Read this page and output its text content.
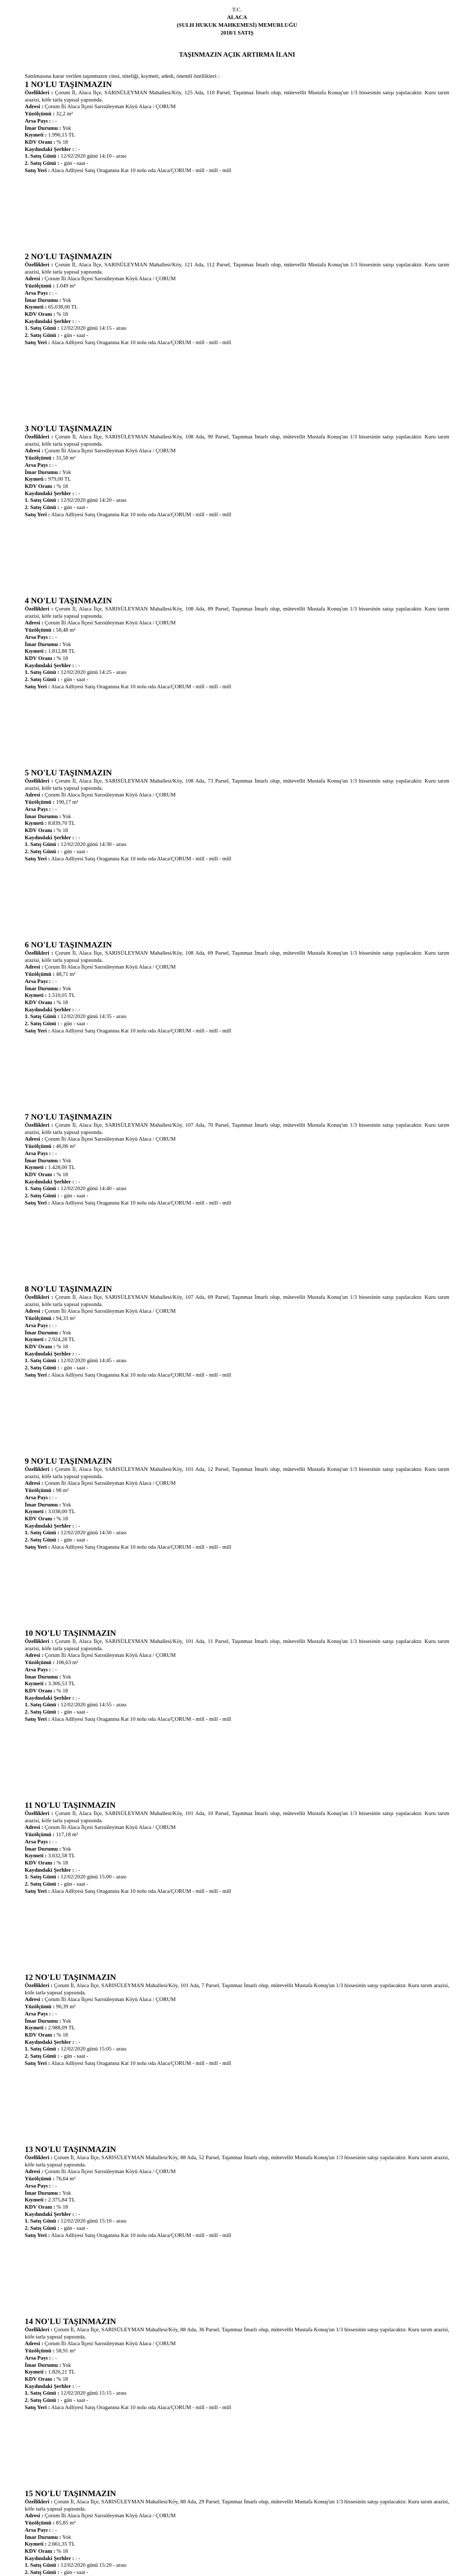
T.C.
ALACA
(SULH HUKUK MAHKEMESİ) MEMURLUĞU
2018/1 SATIŞ
TAŞINMAZIN AÇIK ARTIRMA İLANI

Satılmasına karar verilen taşınmazın cinsi, niteliği, kıymeti, adedi, önemli özellikleri :

1 NO'LU TAŞINMAZIN

Özellikleri : Çorum İl, Alaca İlçe, SARISÜLEYMAN Mahallesi/Köy, 125 Ada, 110 Parsel, Taşınmaz İmarlı olup, mütevellit Mustafa Konuş'un 1/3 hissesinin satışı yapılacaktır. Kuru tarım arazisi, köfe tarla yapısal yapısında.

Adresi : Çorum İli Alaca İlçesi Sarısüleyman Köyü Alaca / ÇORUM

Yüzölçümü : 32,2 m²

Arsa Payı : : -

İmar Durumu : Yok

Kıymeti : 1.996,15 TL

KDV Oranı : % 18

Kaydındaki Şerhler : : -

1. Satış Günü : 12/02/2020 günü 14:10 - arası

2. Satış Günü : - gün - saat -

Satış Yeri : Alaca Adliyesi Satış Oraganına Kat 10 nolu oda Alaca/ÇORUM - mill - mill - mill

2 NO'LU TAŞINMAZIN

Özellikleri : Çorum İl, Alaca İlçe, SARISÜLEYMAN Mahallesi/Köy, 121 Ada, 112 Parsel, Taşınmaz İmarlı olup, mütevellit Mustafa Konuş'un 1/3 hissesinin satışı yapılacaktır. Kuru tarım arazisi, köfe tarla yapısal yapısında.

Adresi : Çorum İli Alaca İlçesi Sarısüleyman Köyü Alaca / ÇORUM

Yüzölçümü : 1.049 m²

Arsa Payı : : -

İmar Durumu : Yok

Kıymeti : 65.038,00 TL

KDV Oranı : % 18

Kaydındaki Şerhler : : -

1. Satış Günü : 12/02/2020 günü 14:15 - arası

2. Satış Günü : - gün - saat -

Satış Yeri : Alaca Adliyesi Satış Oraganına Kat 10 nolu oda Alaca/ÇORUM - mill - mill - mill

3 NO'LU TAŞINMAZIN

Özellikleri : Çorum İl, Alaca İlçe, SARISÜLEYMAN Mahallesi/Köy, 108 Ada, 90 Parsel, Taşınmaz İmarlı olup, mütevellit Mustafa Konuş'un 1/3 hissesinin satışı yapılacaktır. Kuru tarım arazisi, köfe tarla yapısal yapısında.

Adresi : Çorum İli Alaca İlçesi Sarısüleyman Köyü Alaca / ÇORUM

Yüzölçümü : 31,58 m²

Arsa Payı : : -

İmar Durumu : Yok

Kıymeti : 979,00 TL

KDV Oranı : % 18

Kaydındaki Şerhler : : -

1. Satış Günü : 12/02/2020 günü 14:20 - arası

2. Satış Günü : - gün - saat -

Satış Yeri : Alaca Adliyesi Satış Oraganına Kat 10 nolu oda Alaca/ÇORUM - mill - mill - mill

4 NO'LU TAŞINMAZIN

Özellikleri : Çorum İl, Alaca İlçe, SARISÜLEYMAN Mahallesi/Köy, 108 Ada, 89 Parsel, Taşınmaz İmarlı olup, mütevellit Mustafa Konuş'un 1/3 hissesinin satışı yapılacaktır. Kuru tarım arazisi, köfe tarla yapısal yapısında.

Adresi : Çorum İli Alaca İlçesi Sarısüleyman Köyü Alaca / ÇORUM

Yüzölçümü : 58,48 m²

Arsa Payı : : -

İmar Durumu : Yok

Kıymeti : 1.812,88 TL

KDV Oranı : % 18

Kaydındaki Şerhler : : -

1. Satış Günü : 12/02/2020 günü 14:25 - arası

2. Satış Günü : - gün - saat -

Satış Yeri : Alaca Adliyesi Satış Oraganına Kat 10 nolu oda Alaca/ÇORUM - mill - mill - mill

5 NO'LU TAŞINMAZIN

Özellikleri : Çorum İl, Alaca İlçe, SARISÜLEYMAN Mahallesi/Köy, 108 Ada, 73 Parsel, Taşınmaz İmarlı olup, mütevellit Mustafa Konuş'un 1/3 hissesinin satışı yapılacaktır. Kuru tarım arazisi, köfe tarla yapısal yapısında.

Adresi : Çorum İli Alaca İlçesi Sarısüleyman Köyü Alaca / ÇORUM

Yüzölçümü : 190,17 m²

Arsa Payı : : -

İmar Durumu : Yok

Kıymeti : 8.839,70 TL

KDV Oranı : % 18

Kaydındaki Şerhler : : -

1. Satış Günü : 12/02/2020 günü 14:30 - arası

2. Satış Günü : - gün - saat -

Satış Yeri : Alaca Adliyesi Satış Oraganına Kat 10 nolu oda Alaca/ÇORUM - mill - mill - mill

6 NO'LU TAŞINMAZIN

Özellikleri : Çorum İl, Alaca İlçe, SARISÜLEYMAN Mahallesi/Köy, 108 Ada, 69 Parsel, Taşınmaz İmarlı olup, mütevellit Mustafa Konuş'un 1/3 hissesinin satışı yapılacaktır. Kuru tarım arazisi, köfe tarla yapısal yapısında.

Adresi : Çorum İli Alaca İlçesi Sarısüleyman Köyü Alaca / ÇORUM

Yüzölçümü : 48,71 m²

Arsa Payı : : -

İmar Durumu : Yok

Kıymeti : 1.510,05 TL

KDV Oranı : % 18

Kaydındaki Şerhler : : -

1. Satış Günü : 12/02/2020 günü 14:35 - arası

2. Satış Günü : - gün - saat -

Satış Yeri : Alaca Adliyesi Satış Oraganına Kat 10 nolu oda Alaca/ÇORUM - mill - mill - mill

7 NO'LU TAŞINMAZIN

Özellikleri : Çorum İl, Alaca İlçe, SARISÜLEYMAN Mahallesi/Köy, 107 Ada, 70 Parsel, Taşınmaz İmarlı olup, mütevellit Mustafa Konuş'un 1/3 hissesinin satışı yapılacaktır. Kuru tarım arazisi, köfe tarla yapısal yapısında.

Adresi : Çorum İli Alaca İlçesi Sarısüleyman Köyü Alaca / ÇORUM

Yüzölçümü : 46,06 m²

Arsa Payı : : -

İmar Durumu : Yok

Kıymeti : 1.428,00 TL

KDV Oranı : % 18

Kaydındaki Şerhler : : -

1. Satış Günü : 12/02/2020 günü 14:40 - arası

2. Satış Günü : - gün - saat -

Satış Yeri : Alaca Adliyesi Satış Oraganına Kat 10 nolu oda Alaca/ÇORUM - mill - mill - mill

8 NO'LU TAŞINMAZIN

Özellikleri : Çorum İl, Alaca İlçe, SARISÜLEYMAN Mahallesi/Köy, 107 Ada, 69 Parsel, Taşınmaz İmarlı olup, mütevellit Mustafa Konuş'un 1/3 hissesinin satışı yapılacaktır. Kuru tarım arazisi, köfe tarla yapısal yapısında.

Adresi : Çorum İli Alaca İlçesi Sarısüleyman Köyü Alaca / ÇORUM

Yüzölçümü : 94,33 m²

Arsa Payı : : -

İmar Durumu : Yok

Kıymeti : 2.924,28 TL

KDV Oranı : % 18

Kaydındaki Şerhler : : -

1. Satış Günü : 12/02/2020 günü 14:45 - arası

2. Satış Günü : - gün - saat -

Satış Yeri : Alaca Adliyesi Satış Oraganına Kat 10 nolu oda Alaca/ÇORUM - mill - mill - mill

9 NO'LU TAŞINMAZIN

Özellikleri : Çorum İl, Alaca İlçe, SARISÜLEYMAN Mahallesi/Köy, 101 Ada, 12 Parsel, Taşınmaz İmarlı olup, mütevellit Mustafa Konuş'un 1/3 hissesinin satışı yapılacaktır. Kuru tarım arazisi, köfe tarla yapısal yapısında.

Adresi : Çorum İli Alaca İlçesi Sarısüleyman Köyü Alaca / ÇORUM

Yüzölçümü : 98 m²

Arsa Payı : : -

İmar Durumu : Yok

Kıymeti : 3.038,00 TL

KDV Oranı : % 18

Kaydındaki Şerhler : : -

1. Satış Günü : 12/02/2020 günü 14:50 - arası

2. Satış Günü : - gün - saat -

Satış Yeri : Alaca Adliyesi Satış Oraganına Kat 10 nolu oda Alaca/ÇORUM - mill - mill - mill

10 NO'LU TAŞINMAZIN

Özellikleri : Çorum İl, Alaca İlçe, SARISÜLEYMAN Mahallesi/Köy, 101 Ada, 11 Parsel, Taşınmaz İmarlı olup, mütevellit Mustafa Konuş'un 1/3 hissesinin satışı yapılacaktır. Kuru tarım arazisi, köfe tarla yapısal yapısında.

Adresi : Çorum İli Alaca İlçesi Sarısüleyman Köyü Alaca / ÇORUM

Yüzölçümü : 106,63 m²

Arsa Payı : : -

İmar Durumu : Yok

Kıymeti : 3.306,53 TL

KDV Oranı : % 18

Kaydındaki Şerhler : : -

1. Satış Günü : 12/02/2020 günü 14:55 - arası

2. Satış Günü : - gün - saat -

Satış Yeri : Alaca Adliyesi Satış Oraganına Kat 10 nolu oda Alaca/ÇORUM - mill - mill - mill

11 NO'LU TAŞINMAZIN

Özellikleri : Çorum İl, Alaca İlçe, SARISÜLEYMAN Mahallesi/Köy, 101 Ada, 10 Parsel, Taşınmaz İmarlı olup, mütevellit Mustafa Konuş'un 1/3 hissesinin satışı yapılacaktır. Kuru tarım arazisi, köfe tarla yapısal yapısında.

Adresi : Çorum İli Alaca İlçesi Sarısüleyman Köyü Alaca / ÇORUM

Yüzölçümü : 117,18 m²

Arsa Payı : : -

İmar Durumu : Yok

Kıymeti : 3.632,58 TL

KDV Oranı : % 18

Kaydındaki Şerhler : : -

1. Satış Günü : 12/02/2020 günü 15:00 - arası

2. Satış Günü : - gün - saat -

Satış Yeri : Alaca Adliyesi Satış Oraganına Kat 10 nolu oda Alaca/ÇORUM - mill - mill - mill

12 NO'LU TAŞINMAZIN

Özellikleri : Çorum İl, Alaca İlçe, SARISÜLEYMAN Mahallesi/Köy, 101 Ada, 7 Parsel, Taşınmaz İmarlı olup, mütevellit Mustafa Konuş'un 1/3 hissesinin satışı yapılacaktır. Kuru tarım arazisi, köfe tarla yapısal yapısında.

Adresi : Çorum İli Alaca İlçesi Sarısüleyman Köyü Alaca / ÇORUM

Yüzölçümü : 96,39 m²

Arsa Payı : : -

İmar Durumu : Yok

Kıymeti : 2.988,09 TL

KDV Oranı : % 18

Kaydındaki Şerhler : : -

1. Satış Günü : 12/02/2020 günü 15:05 - arası

2. Satış Günü : - gün - saat -

Satış Yeri : Alaca Adliyesi Satış Oraganına Kat 10 nolu oda Alaca/ÇORUM - mill - mill - mill

13 NO'LU TAŞINMAZIN

Özellikleri : Çorum İl, Alaca İlçe, SARISÜLEYMAN Mahallesi/Köy, 88 Ada, 52 Parsel, Taşınmaz İmarlı olup, mütevellit Mustafa Konuş'un 1/3 hissesinin satışı yapılacaktır. Kuru tarım arazisi, köfe tarla yapısal yapısında.

Adresi : Çorum İli Alaca İlçesi Sarısüleyman Köyü Alaca / ÇORUM

Yüzölçümü : 76,64 m²

Arsa Payı : : -

İmar Durumu : Yok

Kıymeti : 2.375,84 TL

KDV Oranı : % 18

Kaydındaki Şerhler : : -

1. Satış Günü : 12/02/2020 günü 15:10 - arası

2. Satış Günü : - gün - saat -

Satış Yeri : Alaca Adliyesi Satış Oraganına Kat 10 nolu oda Alaca/ÇORUM - mill - mill - mill

14 NO'LU TAŞINMAZIN

Özellikleri : Çorum İl, Alaca İlçe, SARISÜLEYMAN Mahallesi/Köy, 88 Ada, 36 Parsel, Taşınmaz İmarlı olup, mütevellit Mustafa Konuş'un 1/3 hissesinin satışı yapılacaktır. Kuru tarım arazisi, köfe tarla yapısal yapısında.

Adresi : Çorum İli Alaca İlçesi Sarısüleyman Köyü Alaca / ÇORUM

Yüzölçümü : 58,91 m²

Arsa Payı : : -

İmar Durumu : Yok

Kıymeti : 1.826,21 TL

KDV Oranı : % 18

Kaydındaki Şerhler : : -

1. Satış Günü : 12/02/2020 günü 15:15 - arası

2. Satış Günü : - gün - saat -

Satış Yeri : Alaca Adliyesi Satış Oraganına Kat 10 nolu oda Alaca/ÇORUM - mill - mill - mill

15 NO'LU TAŞINMAZIN

Özellikleri : Çorum İl, Alaca İlçe, SARISÜLEYMAN Mahallesi/Köy, 88 Ada, 29 Parsel, Taşınmaz İmarlı olup, mütevellit Mustafa Konuş'un 1/3 hissesinin satışı yapılacaktır. Kuru tarım arazisi, köfe tarla yapısal yapısında.

Adresi : Çorum İli Alaca İlçesi Sarısüleyman Köyü Alaca / ÇORUM

Yüzölçümü : 85,85 m²

Arsa Payı : : -

İmar Durumu : Yok

Kıymeti : 2.661,35 TL

KDV Oranı : % 18

Kaydındaki Şerhler : : -

1. Satış Günü : 12/02/2020 günü 15:20 - arası

2. Satış Günü : - gün - saat -
